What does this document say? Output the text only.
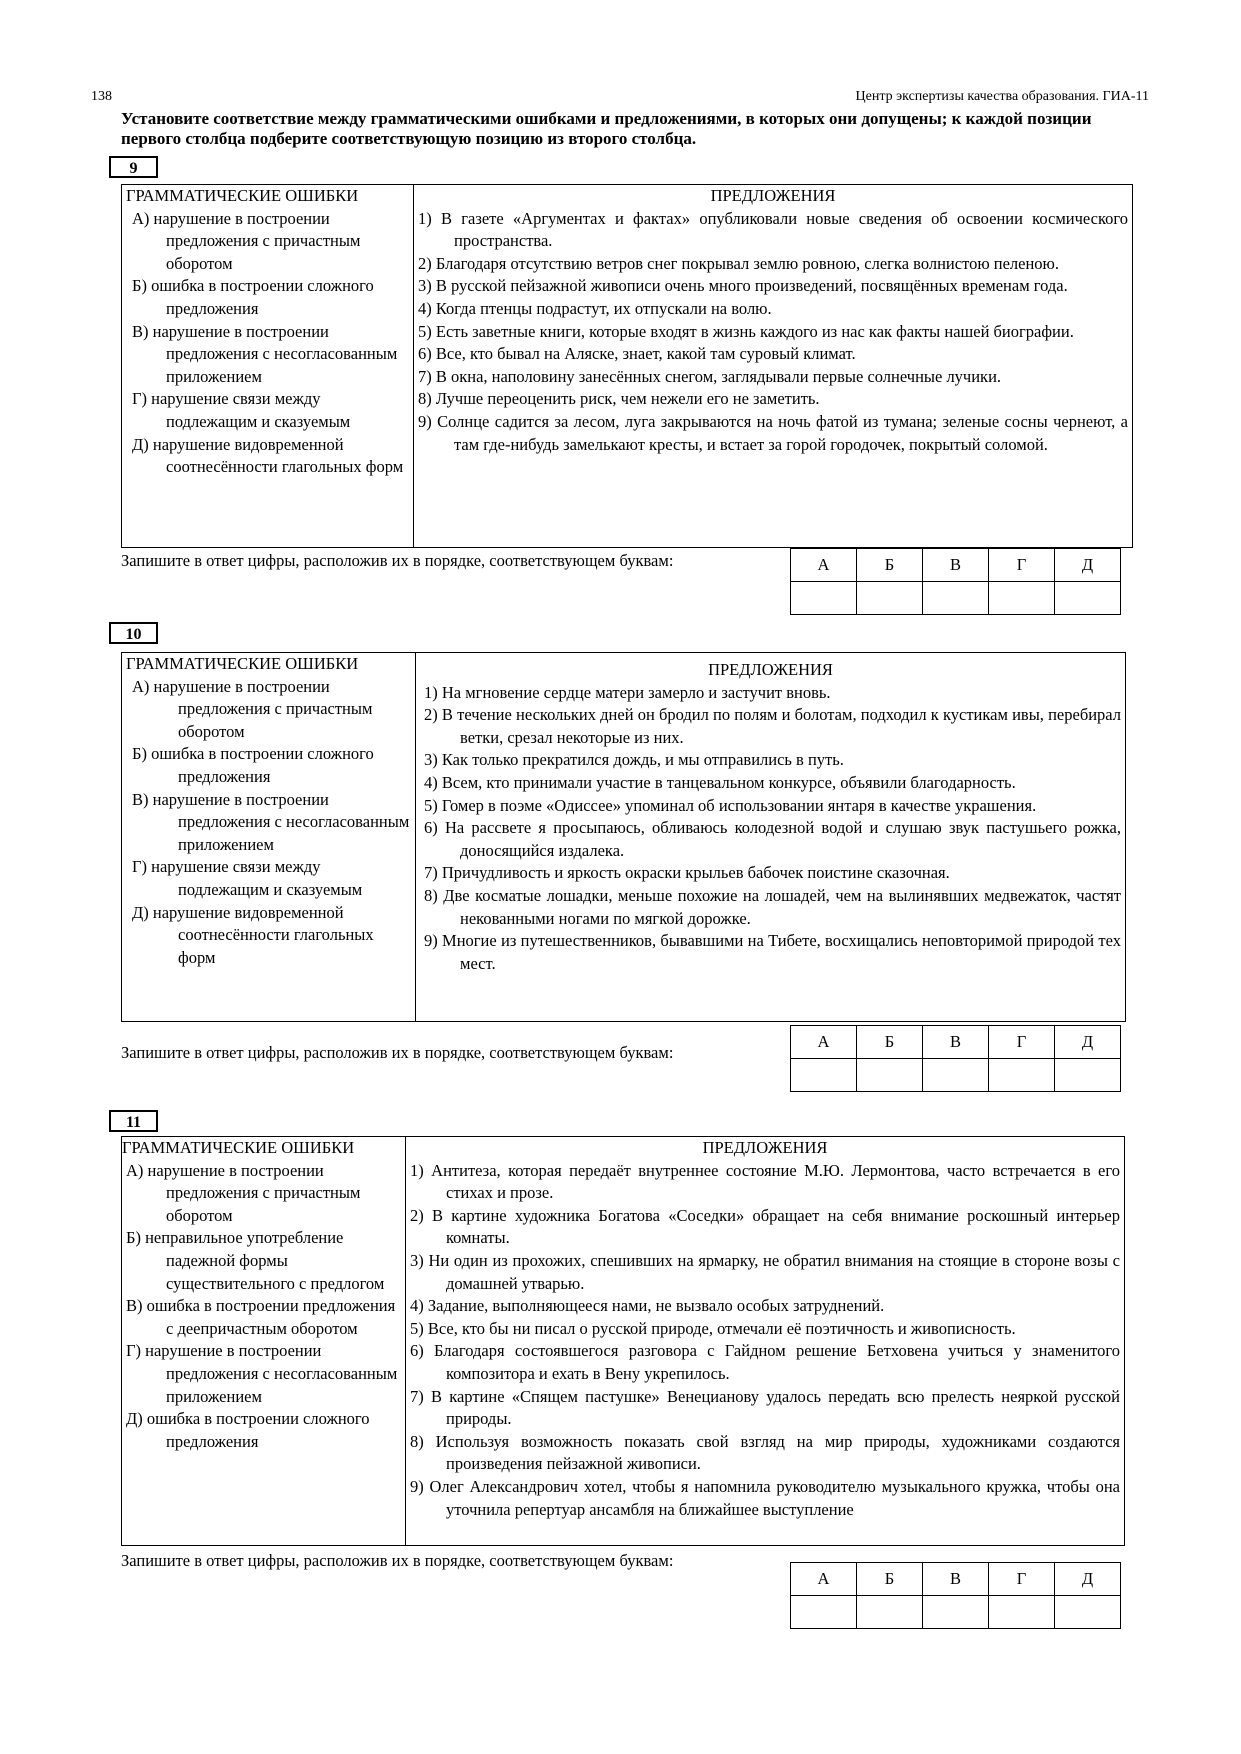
138	Центр экспертизы качества образования. ГИА-11
Установите соответствие между грамматическими ошибками и предложениями, в которых они допущены; к каждой позиции первого столбца подберите соответствующую позицию из второго столбца.
9
ГРАММАТИЧЕСКИЕ ОШИБКИ
А) нарушение в построении предложения с причастным оборотом
Б) ошибка в построении сложного предложения
В) нарушение в построении предложения с несогласованным приложением
Г) нарушение связи между подлежащим и сказуемым
Д) нарушение видовременной соотнесённости глагольных форм
ПРЕДЛОЖЕНИЯ
1) В газете «Аргументах и фактах» опубликовали новые сведения об освоении космического пространства.
2) Благодаря отсутствию ветров снег покрывал землю ровною, слегка волнистою пеленою.
3) В русской пейзажной живописи очень много произведений, посвящённых временам года.
4) Когда птенцы подрастут, их отпускали на волю.
5) Есть заветные книги, которые входят в жизнь каждого из нас как факты нашей биографии.
6) Все, кто бывал на Аляске, знает, какой там суровый климат.
7) В окна, наполовину занесённых снегом, заглядывали первые солнечные лучики.
8) Лучше переоценить риск, чем нежели его не заметить.
9) Солнце садится за лесом, луга закрываются на ночь фатой из тумана; зеленые сосны чернеют, а там где-нибудь замелькают кресты, и встает за горой городочек, покрытый соломой.
Запишите в ответ цифры, расположив их в порядке, соответствующем буквам:	А	Б	В	Г	Д

10
ГРАММАТИЧЕСКИЕ ОШИБКИ
А) нарушение в построении предложения с причастным оборотом
Б) ошибка в построении сложного предложения
В) нарушение в построении предложения с несогласованным приложением
Г) нарушение связи между подлежащим и сказуемым
Д) нарушение видовременной соотнесённости глагольных форм
ПРЕДЛОЖЕНИЯ
1) На мгновение сердце матери замерло и застучит вновь.
2) В течение нескольких дней он бродил по полям и болотам, подходил к кустикам ивы, перебирал ветки, срезал некоторые из них.
3) Как только прекратился дождь, и мы отправились в путь.
4) Всем, кто принимали участие в танцевальном конкурсе, объявили благодарность.
5) Гомер в поэме «Одиссее» упоминал об использовании янтаря в качестве украшения.
6) На рассвете я просыпаюсь, обливаюсь колодезной водой и слушаю звук пастушьего рожка, доносящийся издалека.
7) Причудливость и яркость окраски крыльев бабочек поистине сказочная.
8) Две косматые лошадки, меньше похожие на лошадей, чем на вылинявших медвежаток, частят некованными ногами по мягкой дорожке.
9) Многие из путешественников, бывавшими на Тибете, восхищались неповторимой природой тех мест.
Запишите в ответ цифры, расположив их в порядке, соответствующем буквам:
А	Б	В	Г	Д

11
ГРАММАТИЧЕСКИЕ ОШИБКИ
А) нарушение в построении предложения с причастным оборотом
Б) неправильное употребление падежной формы существительного с предлогом
В) ошибка в построении предложения с деепричастным оборотом
Г) нарушение в построении предложения с несогласованным приложением
Д) ошибка в построении сложного предложения
ПРЕДЛОЖЕНИЯ
1) Антитеза, которая передаёт внутреннее состояние М.Ю. Лермонтова, часто встречается в его стихах и прозе.
2) В картине художника Богатова «Соседки» обращает на себя внимание роскошный интерьер комнаты.
3) Ни один из прохожих, спешивших на ярмарку, не обратил внимания на стоящие в стороне возы с домашней утварью.
4) Задание, выполняющееся нами, не вызвало особых затруднений.
5) Все, кто бы ни писал о русской природе, отмечали её поэтичность и живописность.
6) Благодаря состоявшегося разговора с Гайдном решение Бетховена учиться у знаменитого композитора и ехать в Вену укрепилось.
7) В картине «Спящем пастушке» Венецианову удалось передать всю прелесть неяркой русской природы.
8) Используя возможность показать свой взгляд на мир природы, художниками создаются произведения пейзажной живописи.
9) Олег Александрович хотел, чтобы я напомнила руководителю музыкального кружка, чтобы она уточнила репертуар ансамбля на ближайшее выступление
Запишите в ответ цифры, расположив их в порядке, соответствующем буквам:
А	Б	В	Г	Д
